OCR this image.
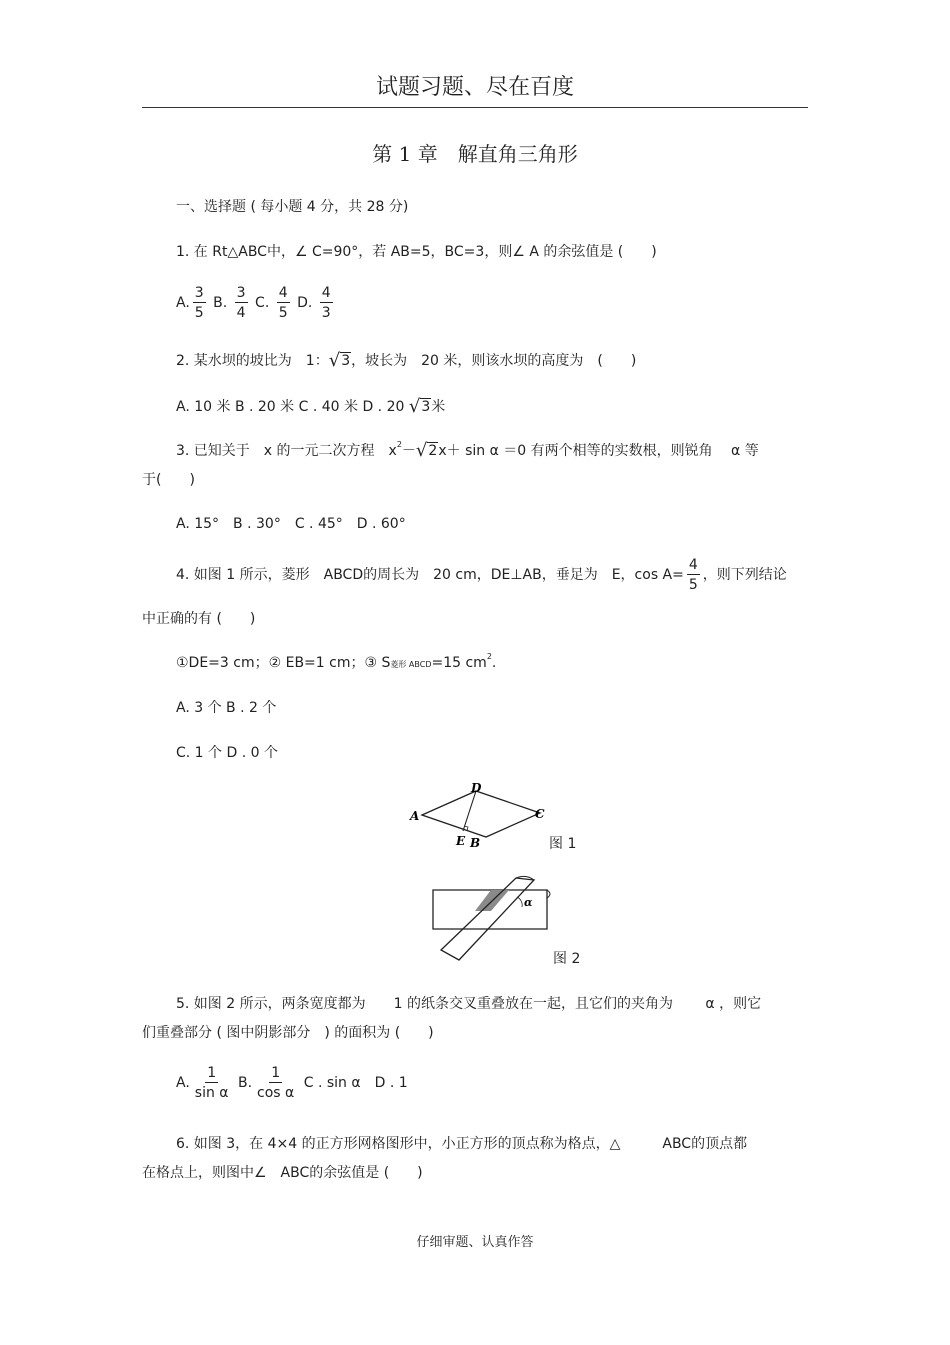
试题习题、尽在百度
第 1 章　解直角三角形
一、选择题 ( 每小题 4 分，共 28 分)
1. 在 Rt△ABC中，∠ C=90°，若 AB=5，BC=3，则∠ A 的余弦值是 (　　)
A. $\frac{3}{5} B$. $\frac{3}{4} C$. $\frac{4}{5} D$. $\frac{4}{3}$
2. 某水坝的坡比为　1： √ 3 ，坡长为　20 米，则该水坝的高度为　(　　)
A. 10 米 B . 20 米 C . 40 米 D . 20 √ 3 米
3. 已知关于　x 的一元二次方程　$x^2-$ √ 2 x＋ sin α ＝0 有两个相等的实数根，则锐角　 α 等
于(　　)
A. 15°　B . 30°　C . 45°　D . 60°
4. 如图 1 所示，菱形　ABCD的周长为　20 cm，DE⊥AB，垂足为　E，$\cos A= \frac{4}{5}$ ，则下列结论
中正确的有 (　　)
①DE=3 cm；② EB=1 cm；③ S菱形 ABCD=15 $cm^2$.
A. 3 个 B . 2 个
C. 1 个 D . 0 个
A
D
C
E B	图 1
α
图 2
5. 如图 2 所示，两条宽度都为　　1 的纸条交叉重叠放在一起，且它们的夹角为　　 α ，则它
们重叠部分 ( 图中阴影部分　) 的面积为 (　　)
A. $\frac{1}{\text{sin α}} B$. $\frac{1}{\text{cos α}}$ C . sin α　D . 1
6. 如图 3，在 4×4 的正方形网格图形中，小正方形的顶点称为格点，△　　　ABC的顶点都
在格点上，则图中∠　ABC的余弦值是 (　　)
仔细审题、认真作答
